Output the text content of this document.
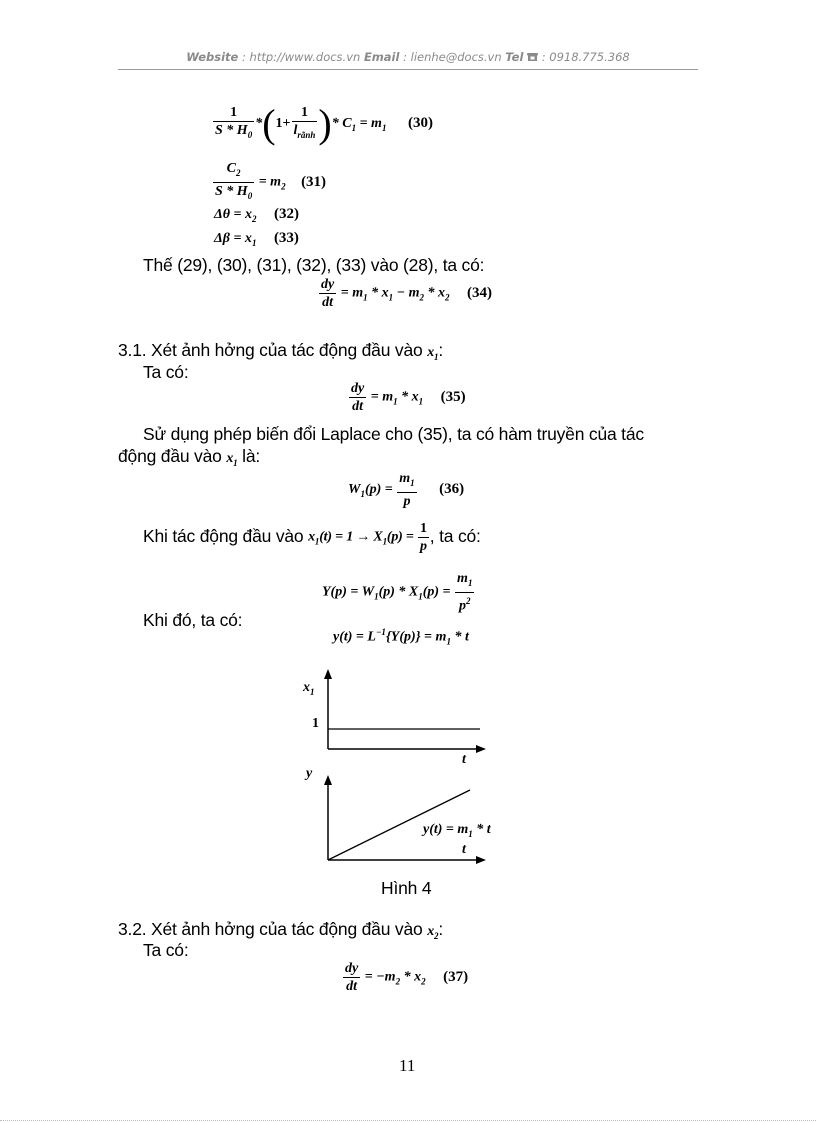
Website : http://www.docs.vn Email : lienhe@docs.vn Tel  : 0918.775.368
$\frac{1}{S * H_0} *(1+ \frac{1}{l_{rãnh}}$ )* $C_1 = m_1$ (30)
$\frac{C_2}{S * H_0} = m_2$ (31)
$\Delta\theta = x_2$ (32)
$\Delta\beta = x_1$ (33)
Thế (29), (30), (31), (32), (33) vào (28), ta có:
$\frac{dy}{dt} = m_1 * x_1 - m_2 * x_2$ (34)
3.1. Xét ảnh hởng của tác động đầu vào $x_1$:
Ta có:
$\frac{dy}{dt} = m_1 * x_1$ (35)
Sử dụng phép biến đổi Laplace cho (35), ta có hàm truyền của tác
động đầu vào $x_1$ là:
$W_1(p) = \frac{m_1}{p} (36)$
Khi tác động đầu vào $x_1(t) = 1 \to X_1(p) = \frac{1}{p}$ , ta có:
$Y(p) = W_1(p) * X_1(p) = \frac{m_1}{p^2}$
Khi đó, ta có:
$y(t) = L^{-1}\{Y(p)\} = m_1 * t$
$x_1$
1
t
y
t
$y(t) = m_1 * t$
Hình 4
3.2. Xét ảnh hởng của tác động đầu vào $x_2$:
Ta có:
$\frac{dy}{dt} = -m_2 * x_2$ (37)
11
